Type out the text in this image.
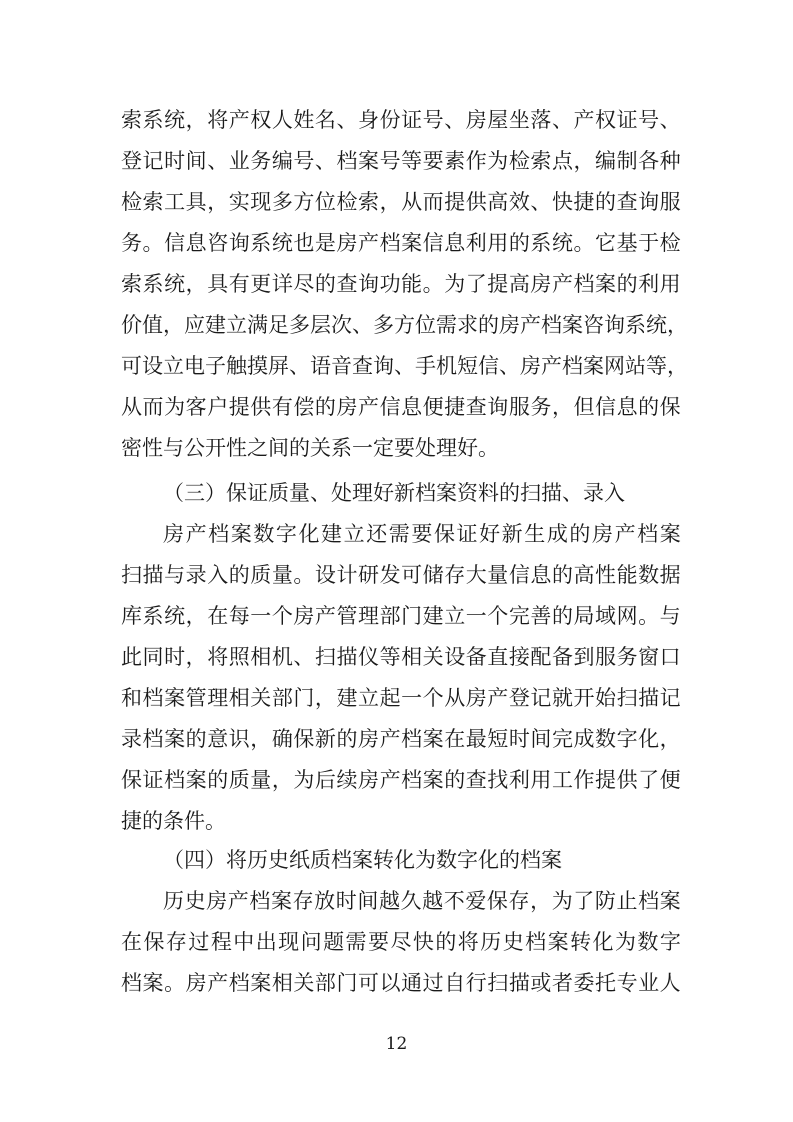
索 系 统 ， 将 产 权 人 姓 名 、 身 份 证 号 、 房 屋 坐 落 、 产 权 证 号 、
登 记 时 间 、 业 务 编 号 、 档 案 号 等 要 素 作 为 检 索 点 ， 编 制 各 种
检 索 工 具 ， 实 现 多 方 位 检 索 ， 从 而 提 供 高 效 、 快 捷 的 查 询 服
务 。 信 息 咨 询 系 统 也 是 房 产 档 案 信 息 利 用 的 系 统 。 它 基 于 检
索 系 统 ， 具 有 更 详 尽 的 查 询 功 能 。 为 了 提 高 房 产 档 案 的 利 用
价 值 ， 应 建 立 满 足 多 层 次 、 多 方 位 需 求 的 房 产 档 案 咨 询 系 统 ，
可 设 立 电 子 触 摸 屏 、 语 音 查 询 、 手 机 短 信 、 房 产 档 案 网 站 等 ，
从 而 为 客 户 提 供 有 偿 的 房 产 信 息 便 捷 查 询 服 务 ， 但 信 息 的 保
密性与公开性之间的关系一定要处理好。
（三）保证质量、处理好新档案资料的扫描、录入
房 产 档 案 数 字 化 建 立 还 需 要 保 证 好 新 生 成 的 房 产 档 案
扫 描 与 录 入 的 质 量 。 设 计 研 发 可 储 存 大 量 信 息 的 高 性 能 数 据
库 系 统 ， 在 每 一 个 房 产 管 理 部 门 建 立 一 个 完 善 的 局 域 网 。 与
此 同 时 ， 将 照 相 机 、 扫 描 仪 等 相 关 设 备 直 接 配 备 到 服 务 窗 口
和 档 案 管 理 相 关 部 门 ， 建 立 起 一 个 从 房 产 登 记 就 开 始 扫 描 记
录 档 案 的 意 识 ， 确 保 新 的 房 产 档 案 在 最 短 时 间 完 成 数 字 化 ，
保 证 档 案 的 质 量 ， 为 后 续 房 产 档 案 的 查 找 利 用 工 作 提 供 了 便
捷的条件。
（四）将历史纸质档案转化为数字化的档案
历 史 房 产 档 案 存 放 时 间 越 久 越 不 爱 保 存 ， 为 了 防 止 档 案
在 保 存 过 程 中 出 现 问 题 需 要 尽 快 的 将 历 史 档 案 转 化 为 数 字
12
档 案 。 房 产 档 案 相 关 部 门 可 以 通 过 自 行 扫 描 或 者 委 托 专 业 人
